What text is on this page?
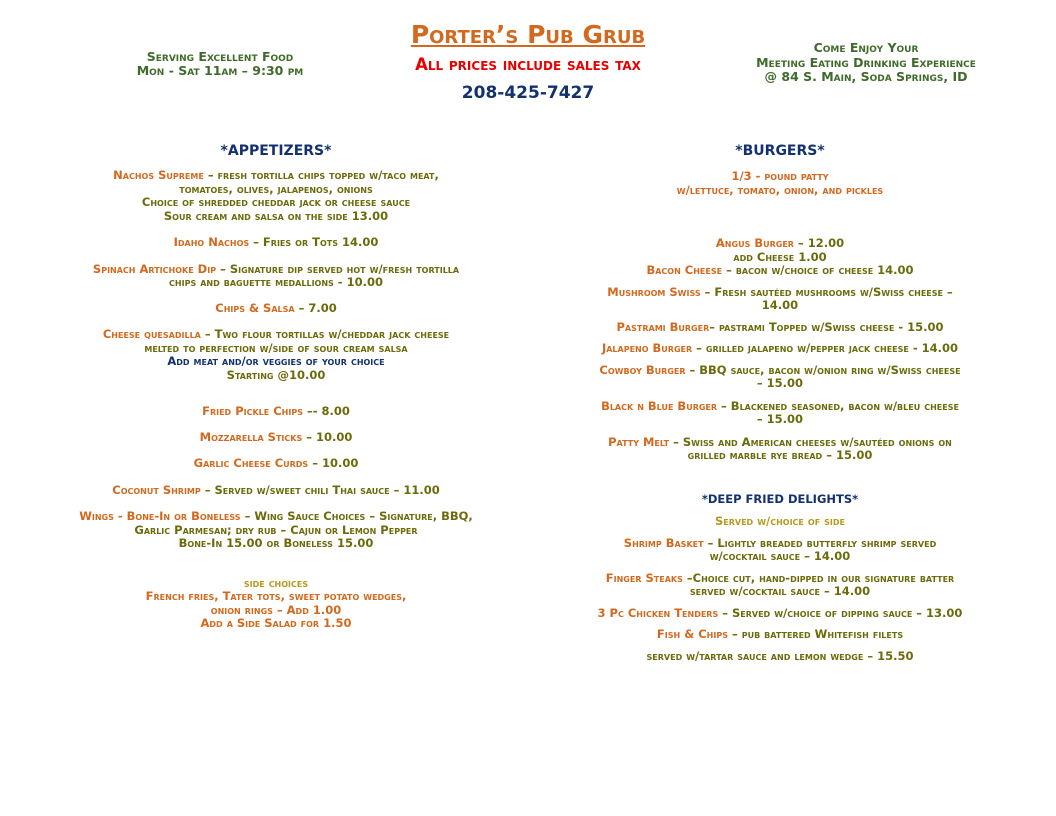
Serving Excellent Food
Mon - Sat 11am – 9:30 pm
Porter’s Pub Grub
All prices include sales tax
208-425-7427
Come Enjoy Your
Meeting Eating Drinking Experience
@ 84 S. Main, Soda Springs, ID
*APPETIZERS*
Nachos Supreme – fresh tortilla chips topped w/taco meat,
tomatoes, olives, jalapenos, onions
Choice of shredded cheddar jack or cheese sauce
Sour cream and salsa on the side 13.00
Idaho Nachos – Fries or Tots 14.00
Spinach Artichoke Dip – Signature dip served hot w/fresh tortilla
chips and baguette medallions - 10.00
Chips & Salsa – 7.00
Cheese quesadilla – Two flour tortillas w/cheddar jack cheese
melted to perfection w/side of sour cream salsa
Add meat and/or veggies of your choice
Starting @10.00
Fried Pickle Chips –- 8.00
Mozzarella Sticks – 10.00
Garlic Cheese Curds – 10.00
Coconut Shrimp – Served w/sweet chili Thai sauce – 11.00
Wings - Bone-In or Boneless – Wing Sauce Choices – Signature, BBQ,
Garlic Parmesan; dry rub – Cajun or Lemon Pepper
Bone-In 15.00 or Boneless 15.00
side choices
French fries, Tater tots, sweet potato wedges,
onion rings – Add 1.00
Add a Side Salad for 1.50
*BURGERS*
1/3 - pound patty
w/lettuce, tomato, onion, and pickles
Angus Burger – 12.00
add Cheese 1.00
Bacon Cheese – bacon w/choice of cheese 14.00
Mushroom Swiss – Fresh sautéed mushrooms w/Swiss cheese –
14.00
Pastrami Burger– pastrami Topped w/Swiss cheese - 15.00
Jalapeno Burger – grilled jalapeno w/pepper jack cheese - 14.00
Cowboy Burger – BBQ sauce, bacon w/onion ring w/Swiss cheese
– 15.00
Black n Blue Burger – Blackened seasoned, bacon w/bleu cheese
– 15.00
Patty Melt – Swiss and American cheeses w/sautéed onions on
grilled marble rye bread – 15.00
*DEEP FRIED DELIGHTS*
Served w/choice of side
Shrimp Basket – Lightly breaded butterfly shrimp served
w/cocktail sauce – 14.00
Finger Steaks –Choice cut, hand-dipped in our signature batter
served w/cocktail sauce – 14.00
3 Pc Chicken Tenders – Served w/choice of dipping sauce – 13.00
Fish & Chips – pub battered Whitefish filets
served w/tartar sauce and lemon wedge – 15.50
